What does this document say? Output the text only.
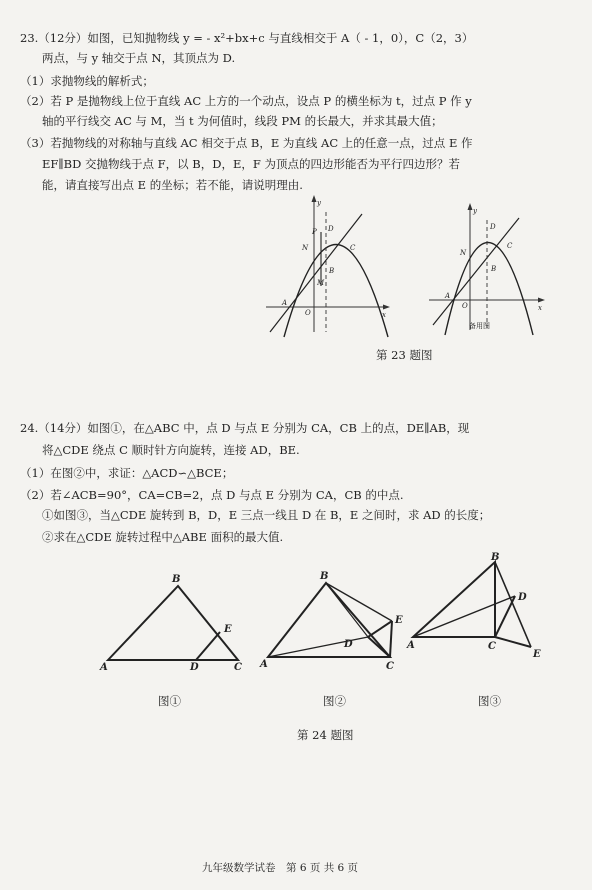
23.（12分）如图，已知抛物线 y = - x²+bx+c 与直线相交于 A（ - 1，0），C（2，3）
两点，与 y 轴交于点 N，其顶点为 D.
（1）求抛物线的解析式；
（2）若 P 是抛物线上位于直线 AC 上方的一个动点，设点 P 的横坐标为 t，过点 P 作 y
轴的平行线交 AC 与 M，当 t 为何值时，线段 PM 的长最大，并求其最大值；
（3）若抛物线的对称轴与直线 AC 相交于点 B，E 为直线 AC 上的任意一点，过点 E 作
EF∥BD 交抛物线于点 F，以 B，D，E，F 为顶点的四边形能否为平行四边形？若
能，请直接写出点 E 的坐标；若不能，请说明理由.
y
D
P
N	C
B
M
A
O	x
y
D
N
C
B
A
O	x
备用图
第 23 题图
24.（14分）如图①，在△ABC 中，点 D 与点 E 分别为 CA，CB 上的点，DE∥AB，现
将△CDE 绕点 C 顺时针方向旋转，连接 AD，BE.
（1）在图②中，求证：△ACD∽△BCE；
（2）若∠ACB=90°，CA=CB=2，点 D 与点 E 分别为 CA，CB 的中点.
①如图③，当△CDE 旋转到 B，D，E 三点一线且 D 在 B，E 之间时，求 AD 的长度；
②求在△CDE 旋转过程中△ABE 面积的最大值.
B
E
A	D	C
B
E
D
A	C
B
D
A	C
E
图①	图②	图③
第 24 题图
九年级数学试卷　第 6 页 共 6 页
